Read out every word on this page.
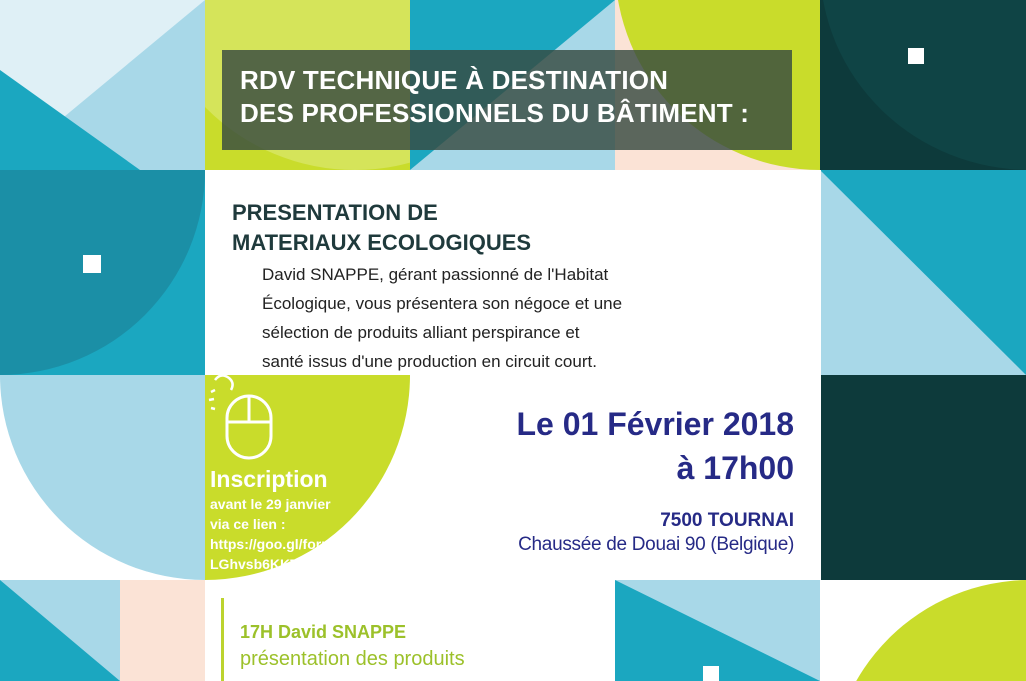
RDV TECHNIQUE À DESTINATION
DES PROFESSIONNELS DU BÂTIMENT :
PRESENTATION DE
MATERIAUX ECOLOGIQUES
David SNAPPE, gérant passionné de l'Habitat
Écologique, vous présentera son négoce et une
sélection de produits alliant perspirance et
santé issus d'une production en circuit court.
Le 01 Février 2018
à 17h00
7500 TOURNAI
Chaussée de Douai 90 (Belgique)
Inscription
avant le 29 janvier
via ce lien :
https://goo.gl/forms/H
LGhvsb6KKT6SIC12
17H David SNAPPE
présentation des produits
